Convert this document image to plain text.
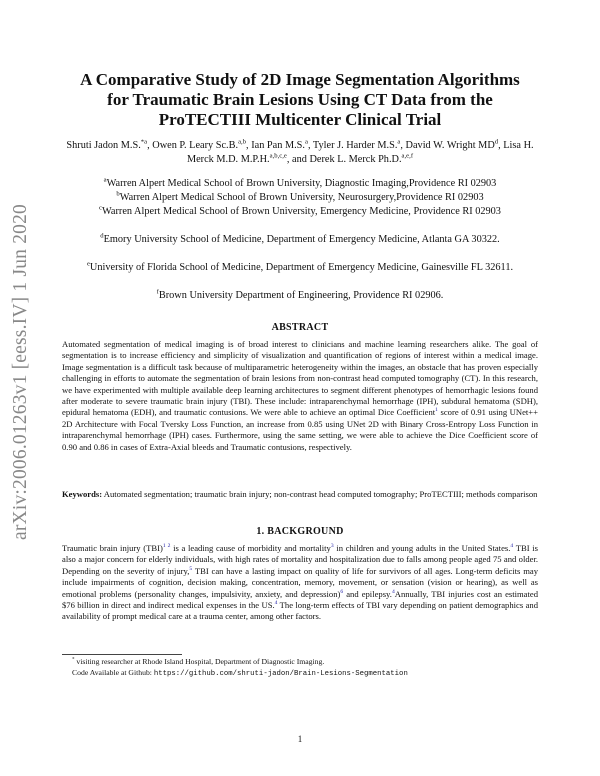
arXiv:2006.01263v1 [eess.IV] 1 Jun 2020
A Comparative Study of 2D Image Segmentation Algorithms
for Traumatic Brain Lesions Using CT Data from the
ProTECTIII Multicenter Clinical Trial
Shruti Jadon M.S.$^{*a}$, Owen P. Leary Sc.B.$^{a,b}$, Ian Pan M.S.$^a$, Tyler J. Harder M.S.$^a$, David W. Wright $MD^d$, Lisa H. Merck M.D. M.P.H.$^{a,b,c,e}$, and Derek L. Merck Ph.D.$^{a,e,f}$
$^a$Warren Alpert Medical School of Brown University, Diagnostic Imaging,Providence RI 02903
$^b$Warren Alpert Medical School of Brown University, Neurosurgery,Providence RI 02903
$^c$Warren Alpert Medical School of Brown University, Emergency Medicine, Providence RI 02903
$^d$Emory University School of Medicine, Department of Emergency Medicine, Atlanta GA 30322.
$^e$University of Florida School of Medicine, Department of Emergency Medicine, Gainesville FL 32611.
$^f$Brown University Department of Engineering, Providence RI 02906.
ABSTRACT

Automated segmentation of medical imaging is of broad interest to clinicians and machine learning researchers alike. The goal of segmentation is to increase efficiency and simplicity of visualization and quantification of regions of interest within a medical image. Image segmentation is a difficult task because of multiparametric heterogeneity within the images, an obstacle that has proven especially challenging in efforts to automate the segmentation of brain lesions from non-contrast head computed tomography (CT). In this research, we have experimented with multiple available deep learning architectures to segment different phenotypes of hemorrhagic lesions found after moderate to severe traumatic brain injury (TBI). These include: intraparenchymal hemorrhage (IPH), subdural hematoma (SDH), epidural hematoma (EDH), and traumatic contusions. We were able to achieve an optimal Dice Coefficient$^1$ score of 0.91 using UNet++ 2D Architecture with Focal Tversky Loss Function, an increase from 0.85 using UNet 2D with Binary Cross-Entropy Loss Function in intraparenchymal hemorrhage (IPH) cases. Furthermore, using the same setting, we were able to achieve the Dice Coefficient score of 0.90 and 0.86 in cases of Extra-Axial bleeds and Traumatic contusions, respectively.

Keywords: Automated segmentation; traumatic brain injury; non-contrast head computed tomography; ProTECTIII; methods comparison
1. BACKGROUND

Traumatic brain injury (TBI)$^{1 2}$ is a leading cause of morbidity and mortality$^3$ in children and young adults in the United States.$^4$ TBI is also a major concern for elderly individuals, with high rates of mortality and hospitalization due to falls among people aged 75 and older. Depending on the severity of injury,$^5$ TBI can have a lasting impact on quality of life for survivors of all ages. Long-term deficits may include impairments of cognition, decision making, concentration, memory, movement, or sensation (vision or hearing), as well as emotional problems (personality changes, impulsivity, anxiety, and depression)$^6$ and epilepsy.$^4$Annually, TBI injuries cost an estimated $76 billion in direct and indirect medical expenses in the US.$^4$ The long-term effects of TBI vary depending on patient demographics and availability of prompt medical care at a trauma center, among other factors.

* visiting researcher at Rhode Island Hospital, Department of Diagnostic Imaging.
Code Available at Github: https://github.com/shruti-jadon/Brain-Lesions-Segmentation
1
